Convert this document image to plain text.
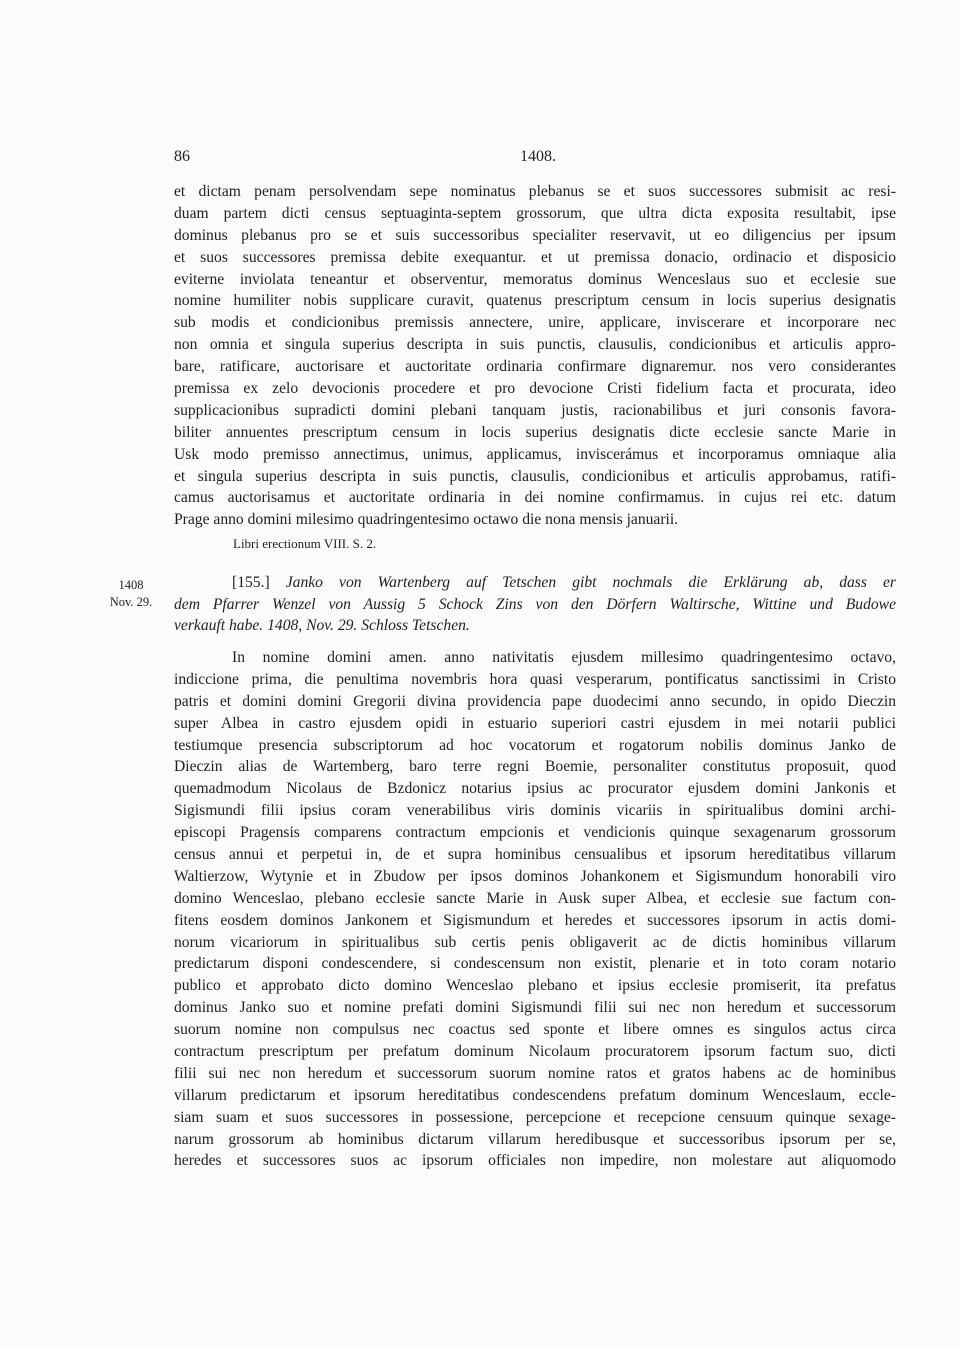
86	1408.
et dictam penam persolvendam sepe nominatus plebanus se et suos successores submisit ac resi-
duam partem dicti census septuaginta-septem grossorum, que ultra dicta exposita resultabit, ipse
dominus plebanus pro se et suis successoribus specialiter reservavit, ut eo diligencius per ipsum
et suos successores premissa debite exequantur. et ut premissa donacio, ordinacio et disposicio
eviterne inviolata teneantur et observentur, memoratus dominus Wenceslaus suo et ecclesie sue
nomine humiliter nobis supplicare curavit, quatenus prescriptum censum in locis superius designatis
sub modis et condicionibus premissis annectere, unire, applicare, inviscerare et incorporare nec
non omnia et singula superius descripta in suis punctis, clausulis, condicionibus et articulis appro-
bare, ratificare, auctorisare et auctoritate ordinaria confirmare dignaremur. nos vero considerantes
premissa ex zelo devocionis procedere et pro devocione Cristi fidelium facta et procurata, ideo
supplicacionibus supradicti domini plebani tanquam justis, racionabilibus et juri consonis favora-
biliter annuentes prescriptum censum in locis superius designatis dicte ecclesie sancte Marie in
Usk modo premisso annectimus, unimus, applicamus, inviscerámus et incorporamus omniaque alia
et singula superius descripta in suis punctis, clausulis, condicionibus et articulis approbamus, ratifi-
camus auctorisamus et auctoritate ordinaria in dei nomine confirmamus. in cujus rei etc. datum
Prage anno domini milesimo quadringentesimo octawo die nona mensis januarii.
Libri erectionum VIII. S. 2.
1408
Nov. 29.
[155.] Janko von Wartenberg auf Tetschen gibt nochmals die Erklärung ab, dass er
dem Pfarrer Wenzel von Aussig 5 Schock Zins von den Dörfern Waltirsche, Wittine und Budowe
verkauft habe. 1408, Nov. 29. Schloss Tetschen.
In nomine domini amen. anno nativitatis ejusdem millesimo quadringentesimo octavo,
indiccione prima, die penultima novembris hora quasi vesperarum, pontificatus sanctissimi in Cristo
patris et domini domini Gregorii divina providencia pape duodecimi anno secundo, in opido Dieczin
super Albea in castro ejusdem opidi in estuario superiori castri ejusdem in mei notarii publici
testiumque presencia subscriptorum ad hoc vocatorum et rogatorum nobilis dominus Janko de
Dieczin alias de Wartemberg, baro terre regni Boemie, personaliter constitutus proposuit, quod
quemadmodum Nicolaus de Bzdonicz notarius ipsius ac procurator ejusdem domini Jankonis et
Sigismundi filii ipsius coram venerabilibus viris dominis vicariis in spiritualibus domini archi-
episcopi Pragensis comparens contractum empcionis et vendicionis quinque sexagenarum grossorum
census annui et perpetui in, de et supra hominibus censualibus et ipsorum hereditatibus villarum
Waltierzow, Wytynie et in Zbudow per ipsos dominos Johankonem et Sigismundum honorabili viro
domino Wenceslao, plebano ecclesie sancte Marie in Ausk super Albea, et ecclesie sue factum con-
fitens eosdem dominos Jankonem et Sigismundum et heredes et successores ipsorum in actis domi-
norum vicariorum in spiritualibus sub certis penis obligaverit ac de dictis hominibus villarum
predictarum disponi condescendere, si condescensum non existit, plenarie et in toto coram notario
publico et approbato dicto domino Wenceslao plebano et ipsius ecclesie promiserit, ita prefatus
dominus Janko suo et nomine prefati domini Sigismundi filii sui nec non heredum et successorum
suorum nomine non compulsus nec coactus sed sponte et libere omnes es singulos actus circa
contractum prescriptum per prefatum dominum Nicolaum procuratorem ipsorum factum suo, dicti
filii sui nec non heredum et successorum suorum nomine ratos et gratos habens ac de hominibus
villarum predictarum et ipsorum hereditatibus condescendens prefatum dominum Wenceslaum, eccle-
siam suam et suos successores in possessione, percepcione et recepcione censuum quinque sexage-
narum grossorum ab hominibus dictarum villarum heredibusque et successoribus ipsorum per se,
heredes et successores suos ac ipsorum officiales non impedire, non molestare aut aliquomodo
